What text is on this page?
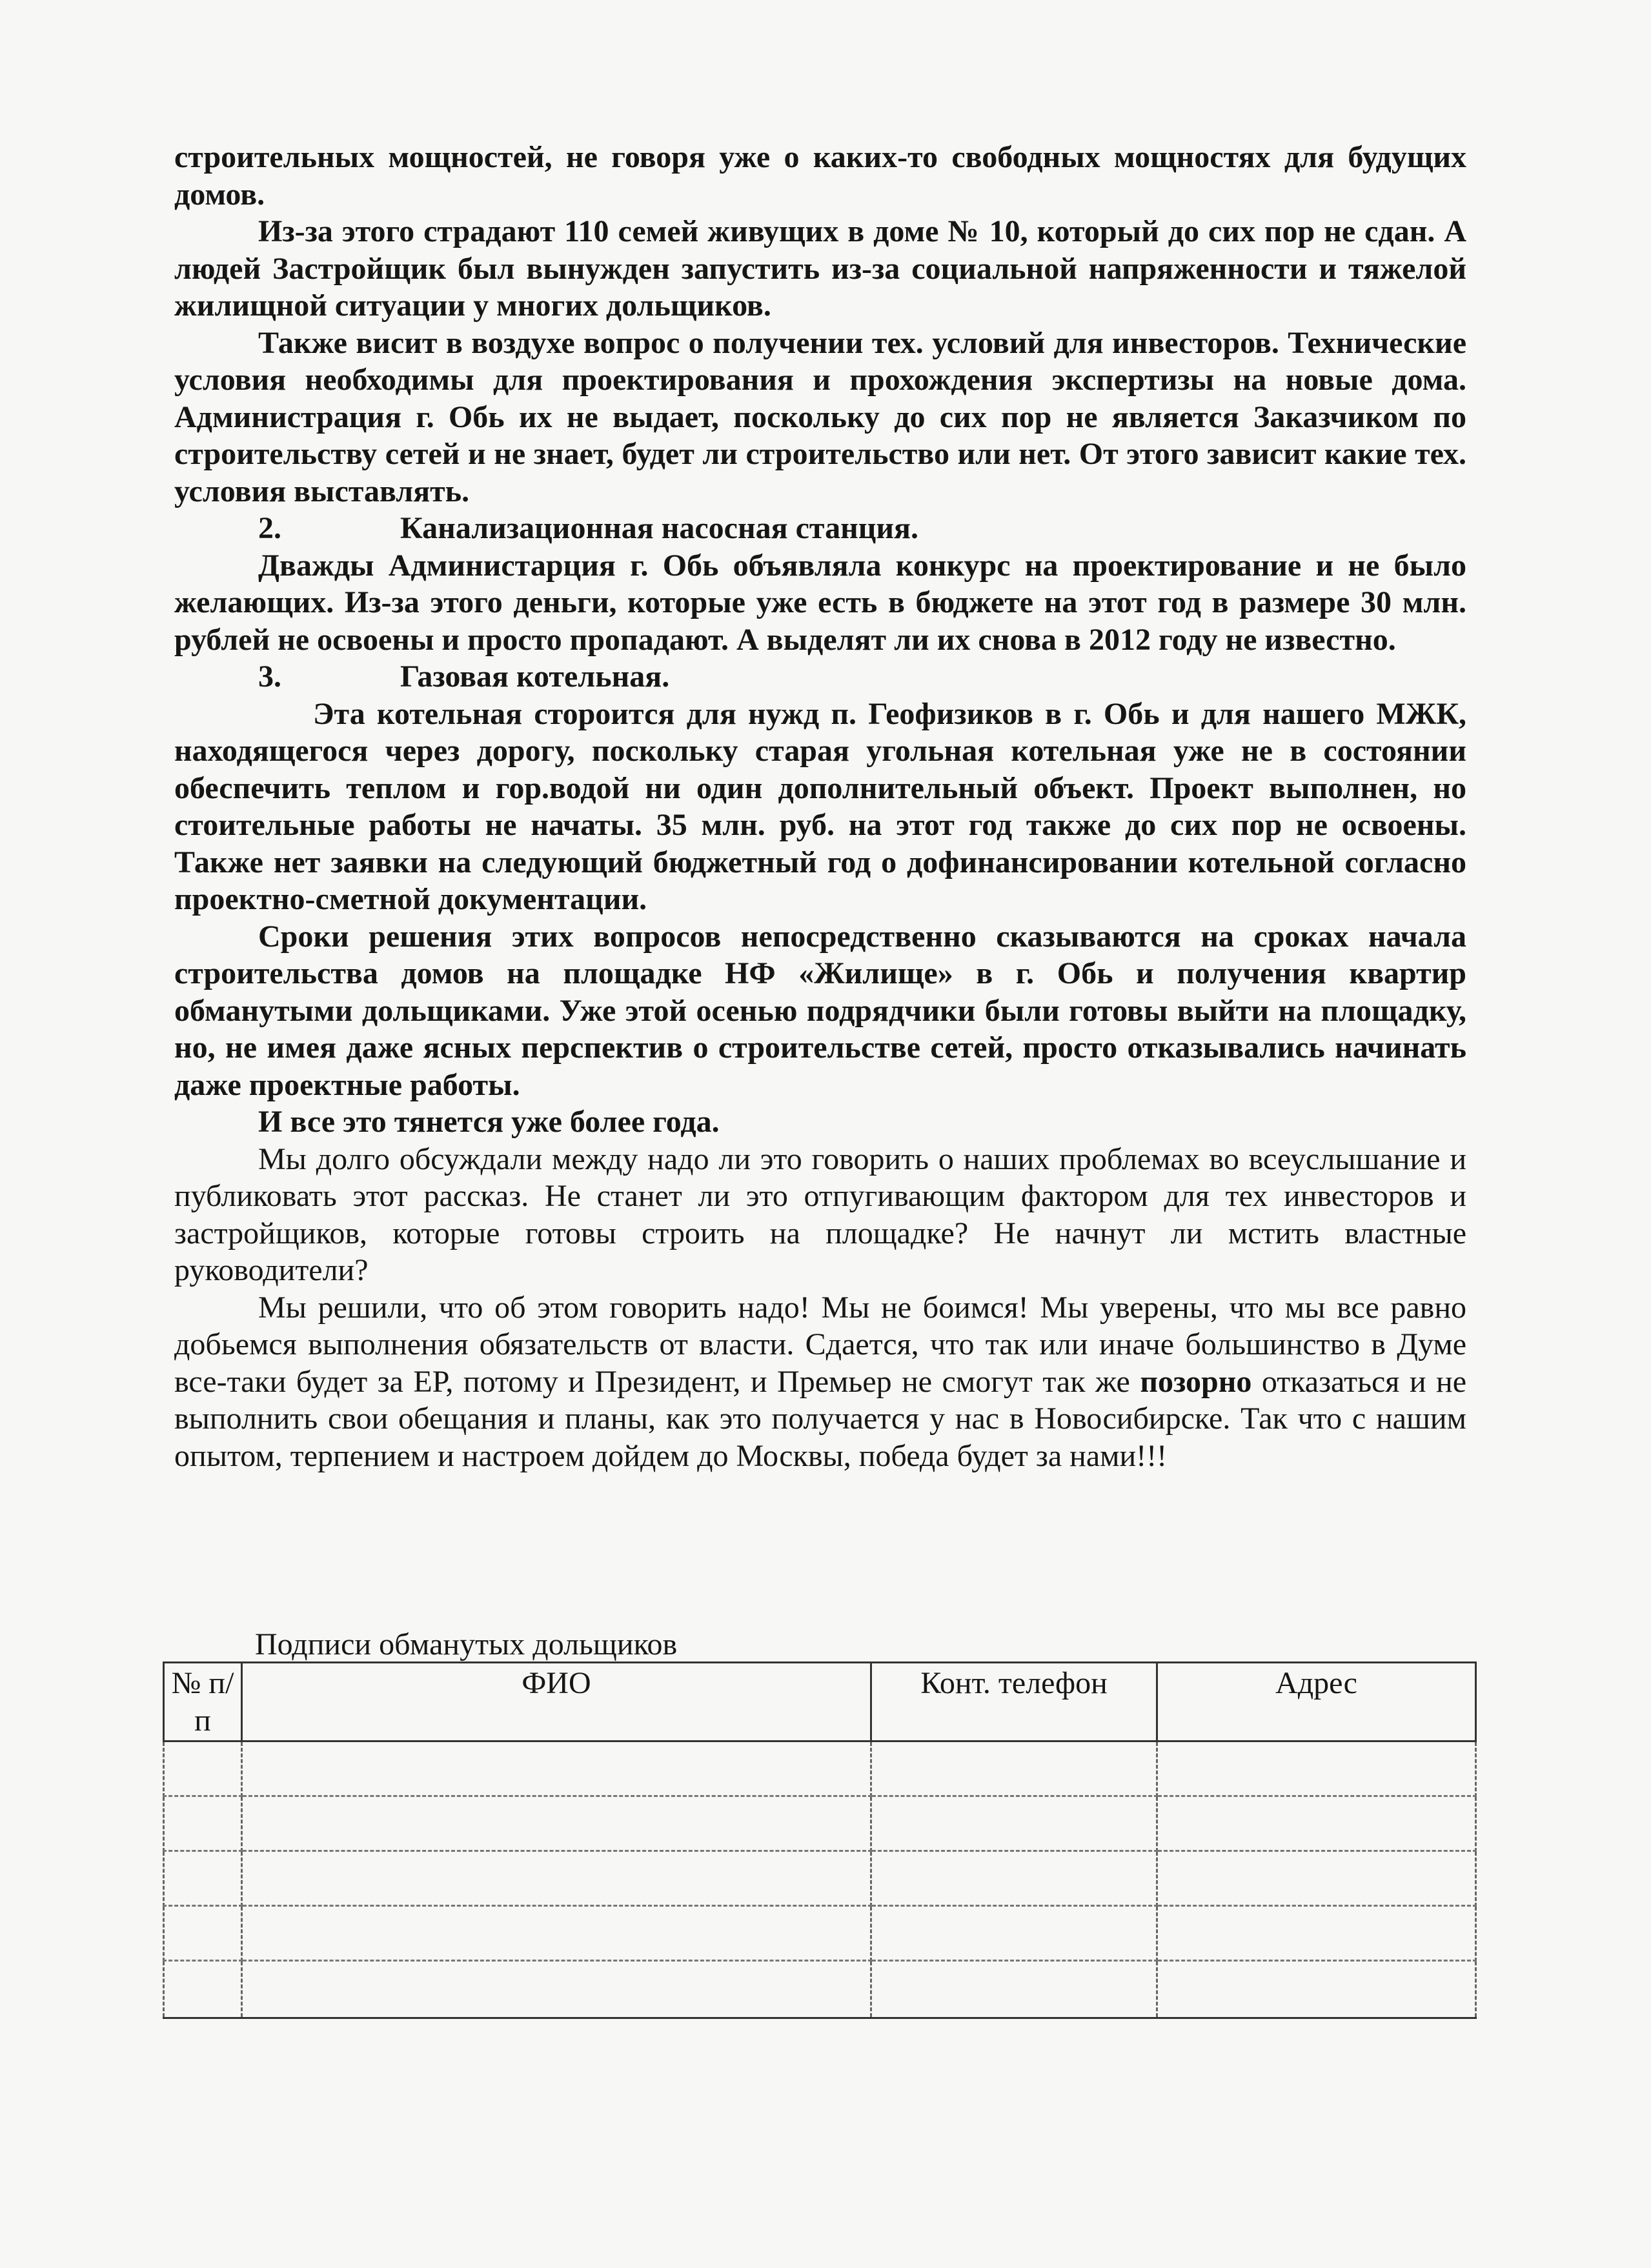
строительных мощностей, не говоря уже о каких-то свободных мощностях для будущих домов.

Из-за этого страдают 110 семей живущих в доме № 10, который до сих пор не сдан. А людей Застройщик был вынужден запустить из-за социальной напряженности и тяжелой жилищной ситуации у многих дольщиков.

Также висит в воздухе вопрос о получении тех. условий для инвесторов. Технические условия необходимы для проектирования и прохождения экспертизы на новые дома. Администрация г. Обь их не выдает, поскольку до сих пор не является Заказчиком по строительству сетей и не знает, будет ли строительство или нет. От этого зависит какие тех. условия выставлять.

2.	Канализационная насосная станция.

Дважды Администарция г. Обь объявляла конкурс на проектирование и не было желающих. Из-за этого деньги, которые уже есть в бюджете на этот год в размере 30 млн. рублей не освоены и просто пропадают. А выделят ли их снова в 2012 году не известно.

3.	Газовая котельная.

Эта котельная стороится для нужд п. Геофизиков в г. Обь и для нашего МЖК, находящегося через дорогу, поскольку старая угольная котельная уже не в состоянии обеспечить теплом и гор.водой ни один дополнительный объект. Проект выполнен, но стоительные работы не начаты. 35 млн. руб. на этот год также до сих пор не освоены. Также нет заявки на следующий бюджетный год о дофинансировании котельной согласно проектно-сметной документации.

Сроки решения этих вопросов непосредственно сказываются на сроках начала строительства домов на площадке НФ «Жилище» в г. Обь и получения квартир обманутыми дольщиками. Уже этой осенью подрядчики были готовы выйти на площадку, но, не имея даже ясных перспектив о строительстве сетей, просто отказывались начинать даже проектные работы.

И все это тянется уже более года.

Мы долго обсуждали между надо ли это говорить о наших проблемах во всеуслышание и публиковать этот рассказ. Не станет ли это отпугивающим фактором для тех инвесторов и застройщиков, которые готовы строить на площадке? Не начнут ли мстить властные руководители?

Мы решили, что об этом говорить надо! Мы не боимся! Мы уверены, что мы все равно добьемся выполнения обязательств от власти. Сдается, что так или иначе большинство в Думе все-таки будет за ЕР, потому и Президент, и Премьер не смогут так же позорно отказаться и не выполнить свои обещания и планы, как это получается у нас в Новосибирске. Так что с нашим опытом, терпением и настроем дойдем до Москвы, победа будет за нами!!!

Подписи обманутых дольщиков
№ п/п	ФИО	Конт. телефон	Адрес
